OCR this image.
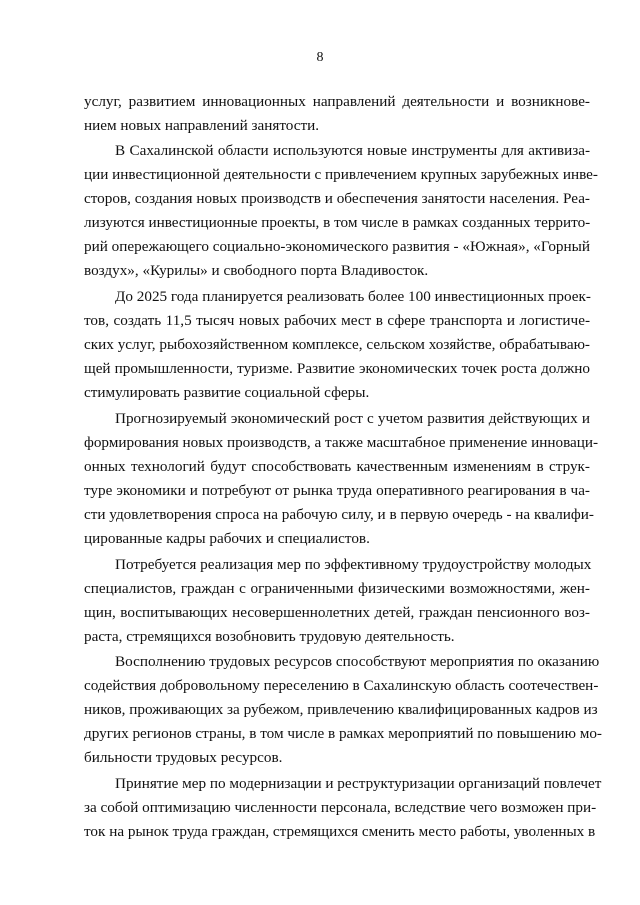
8
услуг, развитием инновационных направлений деятельности и возникнове-
нием новых направлений занятости.
В Сахалинской области используются новые инструменты для активиза-
ции инвестиционной деятельности с привлечением крупных зарубежных инве-
сторов, создания новых производств и обеспечения занятости населения. Реа-
лизуются инвестиционные проекты, в том числе в рамках созданных террито-
рий опережающего социально-экономического развития - «Южная», «Горный
воздух», «Курилы» и свободного порта Владивосток.
До 2025 года планируется реализовать более 100 инвестиционных проек-
тов, создать 11,5 тысяч новых рабочих мест в сфере транспорта и логистиче-
ских услуг, рыбохозяйственном комплексе, сельском хозяйстве, обрабатываю-
щей промышленности, туризме. Развитие экономических точек роста должно
стимулировать развитие социальной сферы.
Прогнозируемый экономический рост с учетом развития действующих и
формирования новых производств, а также масштабное применение инноваци-
онных технологий будут способствовать качественным изменениям в струк-
туре экономики и потребуют от рынка труда оперативного реагирования в ча-
сти удовлетворения спроса на рабочую силу, и в первую очередь - на квалифи-
цированные кадры рабочих и специалистов.
Потребуется реализация мер по эффективному трудоустройству молодых
специалистов, граждан с ограниченными физическими возможностями, жен-
щин, воспитывающих несовершеннолетних детей, граждан пенсионного воз-
раста, стремящихся возобновить трудовую деятельность.
Восполнению трудовых ресурсов способствуют мероприятия по оказанию
содействия добровольному переселению в Сахалинскую область соотечествен-
ников, проживающих за рубежом, привлечению квалифицированных кадров из
других регионов страны, в том числе в рамках мероприятий по повышению мо-
бильности трудовых ресурсов.
Принятие мер по модернизации и реструктуризации организаций повлечет
за собой оптимизацию численности персонала, вследствие чего возможен при-
ток на рынок труда граждан, стремящихся сменить место работы, уволенных в
